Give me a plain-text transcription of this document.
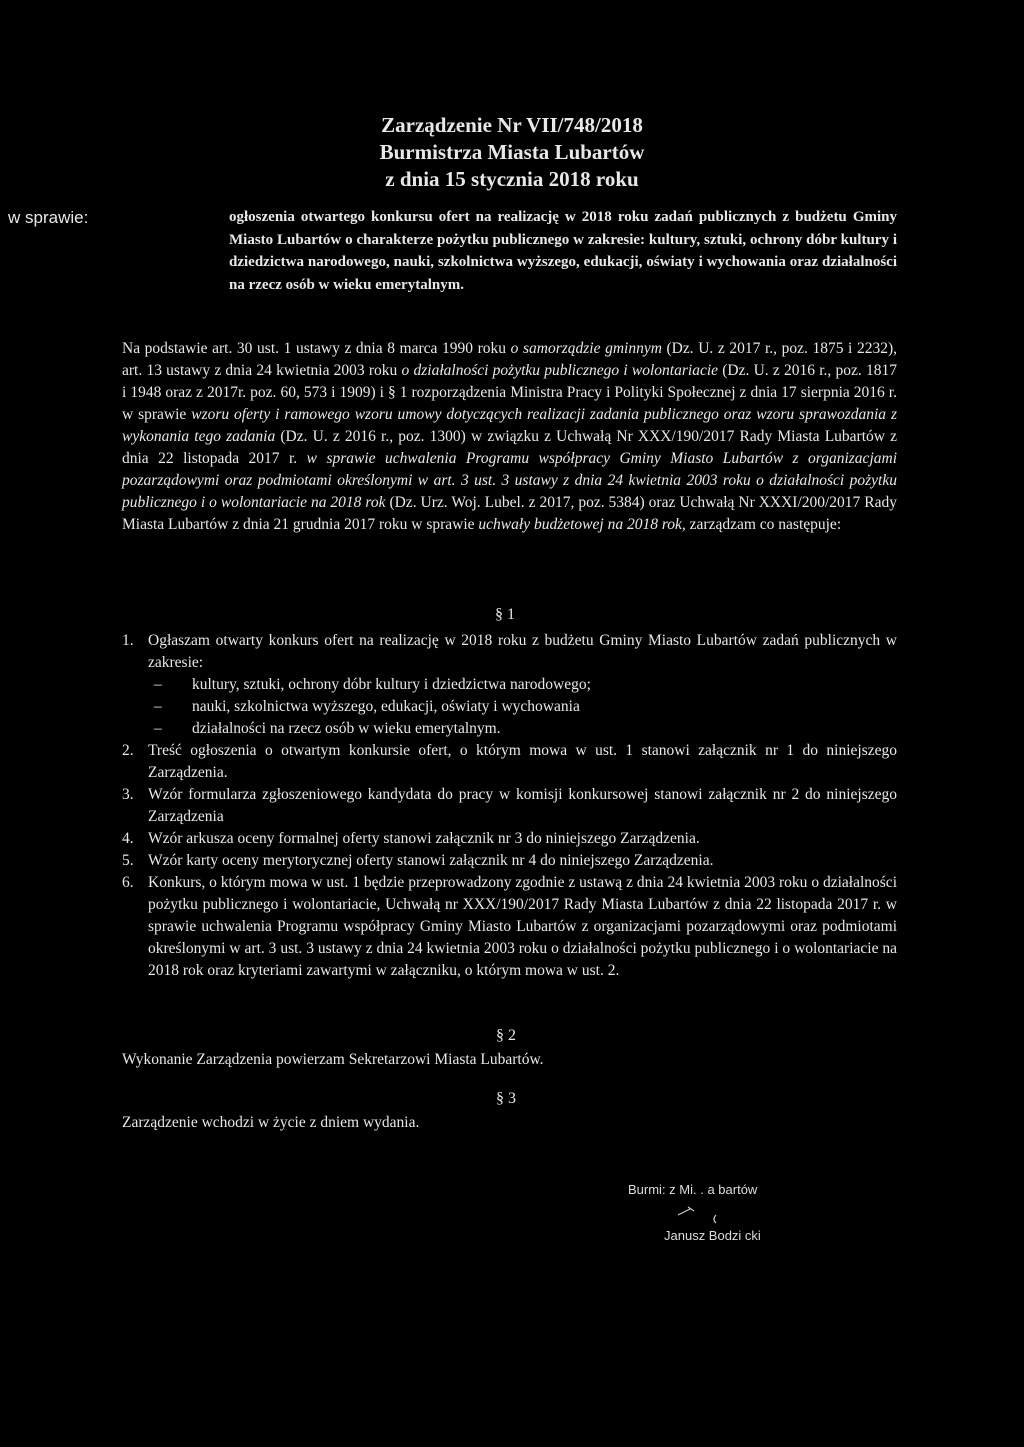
Zarządzenie Nr VII/748/2018
Burmistrza Miasta Lubartów
z dnia 15 stycznia 2018 roku
w sprawie:	ogłoszenia otwartego konkursu ofert na realizację w 2018 roku zadań publicznych z budżetu Gminy Miasto Lubartów o charakterze pożytku publicznego w zakresie: kultury, sztuki, ochrony dóbr kultury i dziedzictwa narodowego, nauki, szkolnictwa wyższego, edukacji, oświaty i wychowania oraz działalności na rzecz osób w wieku emerytalnym.
Na podstawie art. 30 ust. 1 ustawy z dnia 8 marca 1990 roku o samorządzie gminnym (Dz. U. z 2017 r., poz. 1875 i 2232), art. 13 ustawy z dnia 24 kwietnia 2003 roku o działalności pożytku publicznego i wolontariacie (Dz. U. z 2016 r., poz. 1817 i 1948 oraz z 2017r. poz. 60, 573 i 1909) i § 1 rozporządzenia Ministra Pracy i Polityki Społecznej z dnia 17 sierpnia 2016 r. w sprawie wzoru oferty i ramowego wzoru umowy dotyczących realizacji zadania publicznego oraz wzoru sprawozdania z wykonania tego zadania (Dz. U. z 2016 r., poz. 1300) w związku z Uchwałą Nr XXX/190/2017 Rady Miasta Lubartów z dnia 22 listopada 2017 r. w sprawie uchwalenia Programu współpracy Gminy Miasto Lubartów z organizacjami pozarządowymi oraz podmiotami określonymi w art. 3 ust. 3 ustawy z dnia 24 kwietnia 2003 roku o działalności pożytku publicznego i o wolontariacie na 2018 rok (Dz. Urz. Woj. Lubel. z 2017, poz. 5384) oraz Uchwałą Nr XXXI/200/2017 Rady Miasta Lubartów z dnia 21 grudnia 2017 roku w sprawie uchwały budżetowej na 2018 rok, zarządzam co następuje:
§ 1
1. Ogłaszam otwarty konkurs ofert na realizację w 2018 roku z budżetu Gminy Miasto Lubartów zadań publicznych w zakresie:
– kultury, sztuki, ochrony dóbr kultury i dziedzictwa narodowego;
– nauki, szkolnictwa wyższego, edukacji, oświaty i wychowania
– działalności na rzecz osób w wieku emerytalnym.
2. Treść ogłoszenia o otwartym konkursie ofert, o którym mowa w ust. 1 stanowi załącznik nr 1 do niniejszego Zarządzenia.
3. Wzór formularza zgłoszeniowego kandydata do pracy w komisji konkursowej stanowi załącznik nr 2 do niniejszego Zarządzenia
4. Wzór arkusza oceny formalnej oferty stanowi załącznik nr 3 do niniejszego Zarządzenia.
5. Wzór karty oceny merytorycznej oferty stanowi załącznik nr 4 do niniejszego Zarządzenia.
6. Konkurs, o którym mowa w ust. 1 będzie przeprowadzony zgodnie z ustawą z dnia 24 kwietnia 2003 roku o działalności pożytku publicznego i wolontariacie, Uchwałą nr XXX/190/2017 Rady Miasta Lubartów z dnia 22 listopada 2017 r. w sprawie uchwalenia Programu współpracy Gminy Miasto Lubartów z organizacjami pozarządowymi oraz podmiotami określonymi w art. 3 ust. 3 ustawy z dnia 24 kwietnia 2003 roku o działalności pożytku publicznego i o wolontariacie na 2018 rok oraz kryteriami zawartymi w załączniku, o którym mowa w ust. 2.
§ 2
Wykonanie Zarządzenia powierzam Sekretarzowi Miasta Lubartów.
§ 3
Zarządzenie wchodzi w życie z dniem wydania.
Burmi: z Mi. . a bartów
Janusz Bodzi cki
